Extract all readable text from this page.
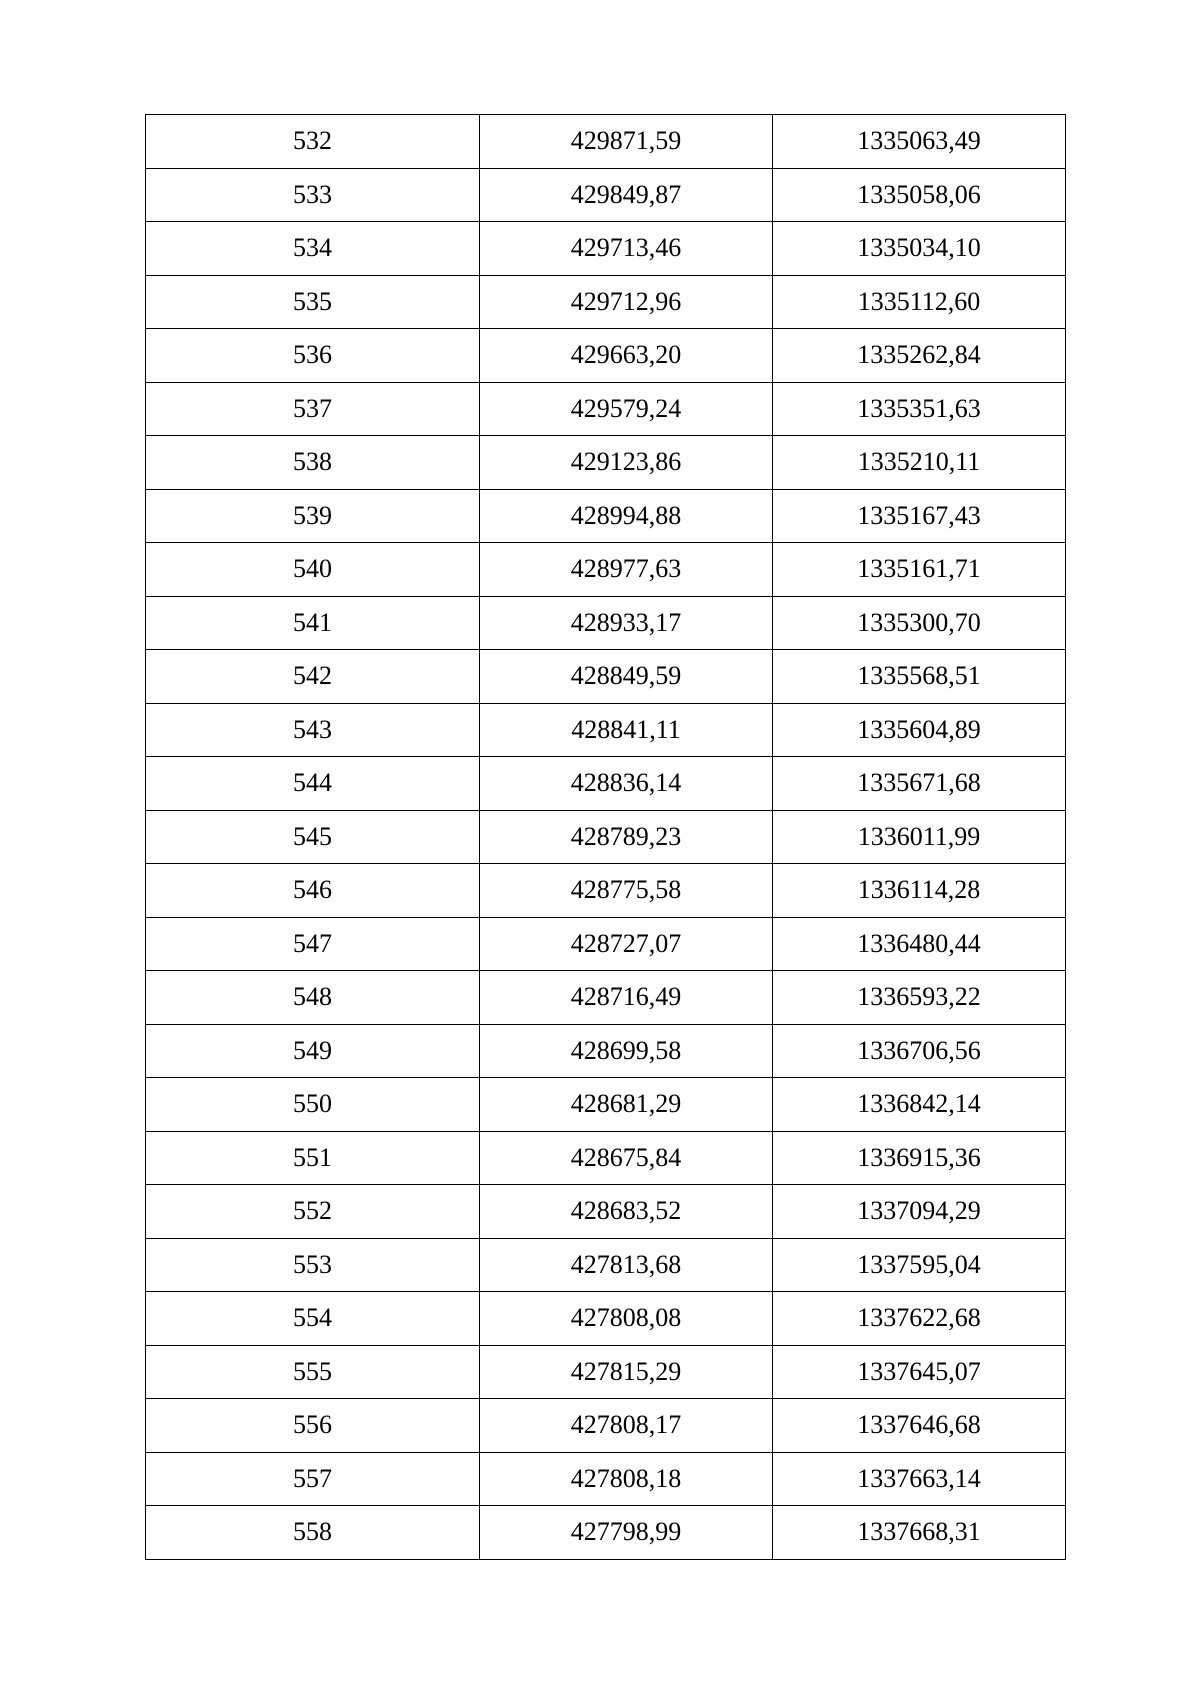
532	429871,59	1335063,49
533	429849,87	1335058,06
534	429713,46	1335034,10
535	429712,96	1335112,60
536	429663,20	1335262,84
537	429579,24	1335351,63
538	429123,86	1335210,11
539	428994,88	1335167,43
540	428977,63	1335161,71
541	428933,17	1335300,70
542	428849,59	1335568,51
543	428841,11	1335604,89
544	428836,14	1335671,68
545	428789,23	1336011,99
546	428775,58	1336114,28
547	428727,07	1336480,44
548	428716,49	1336593,22
549	428699,58	1336706,56
550	428681,29	1336842,14
551	428675,84	1336915,36
552	428683,52	1337094,29
553	427813,68	1337595,04
554	427808,08	1337622,68
555	427815,29	1337645,07
556	427808,17	1337646,68
557	427808,18	1337663,14
558	427798,99	1337668,31
